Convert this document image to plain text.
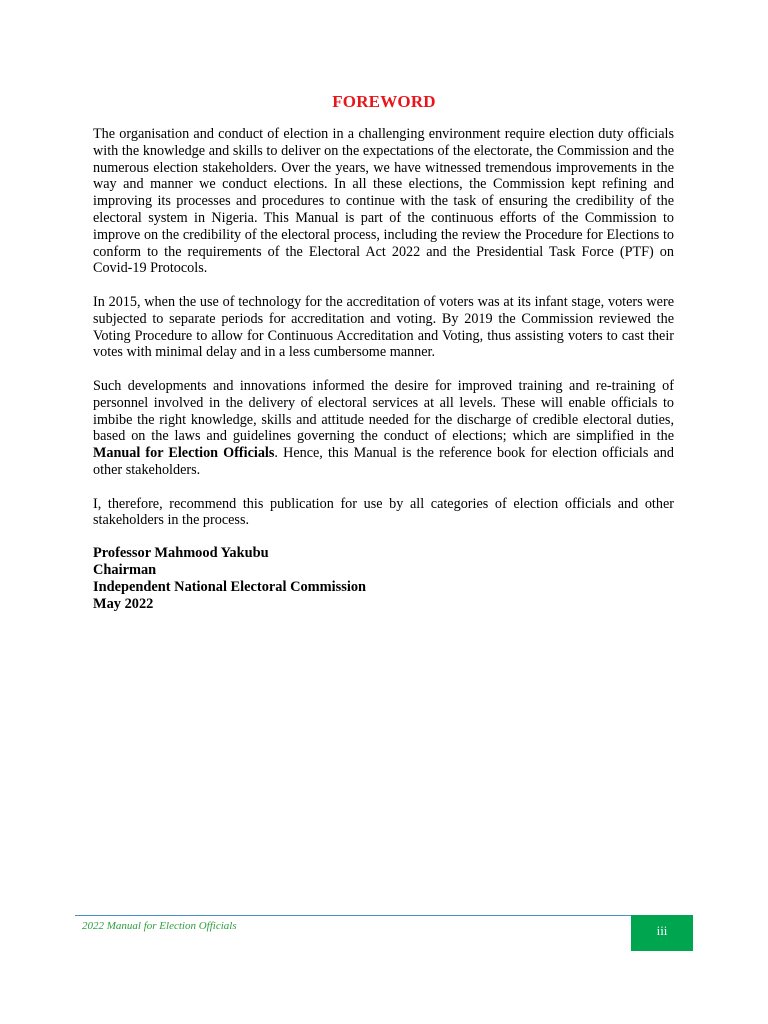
FOREWORD

The organisation and conduct of election in a challenging environment require election duty officials with the knowledge and skills to deliver on the expectations of the electorate, the Commission and the numerous election stakeholders. Over the years, we have witnessed tremendous improvements in the way and manner we conduct elections. In all these elections, the Commission kept refining and improving its processes and procedures to continue with the task of ensuring the credibility of the electoral system in Nigeria. This Manual is part of the continuous efforts of the Commission to improve on the credibility of the electoral process, including the review the Procedure for Elections to conform to the requirements of the Electoral Act 2022 and the Presidential Task Force (PTF) on Covid-19 Protocols.

In 2015, when the use of technology for the accreditation of voters was at its infant stage, voters were subjected to separate periods for accreditation and voting. By 2019 the Commission reviewed the Voting Procedure to allow for Continuous Accreditation and Voting, thus assisting voters to cast their votes with minimal delay and in a less cumbersome manner.

Such developments and innovations informed the desire for improved training and re-training of personnel involved in the delivery of electoral services at all levels. These will enable officials to imbibe the right knowledge, skills and attitude needed for the discharge of credible electoral duties, based on the laws and guidelines governing the conduct of elections; which are simplified in the Manual for Election Officials. Hence, this Manual is the reference book for election officials and other stakeholders.

I, therefore, recommend this publication for use by all categories of election officials and other stakeholders in the process.

Professor Mahmood Yakubu
Chairman
Independent National Electoral Commission
May 2022
2022 Manual for Election Officials	iii
